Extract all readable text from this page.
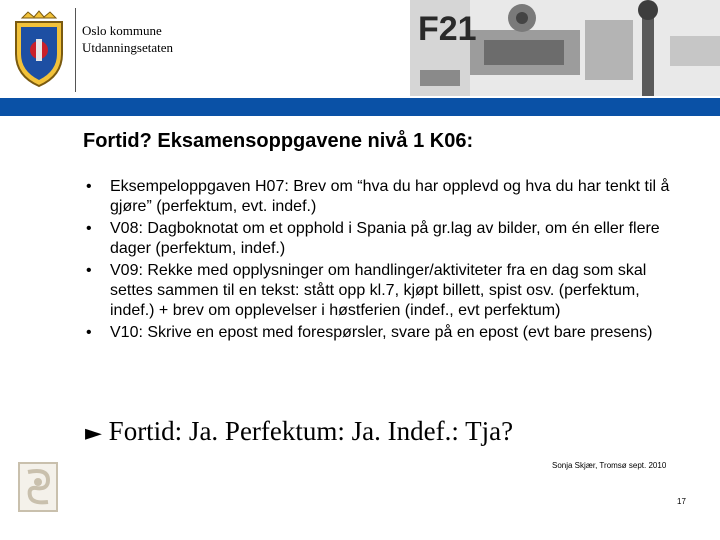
Oslo kommune
Utdanningsetaten	F21
Fortid? Eksamensoppgavene nivå 1 K06:
• Eksempeloppgaven H07: Brev om “hva du har opplevd og hva du har tenkt til å gjøre” (perfektum, evt. indef.)
• V08: Dagboknotat om et opphold i Spania på gr.lag av bilder, om én eller flere dager (perfektum, indef.)
• V09: Rekke med opplysninger om handlinger/aktiviteter fra en dag som skal settes sammen til en tekst: stått opp kl.7, kjøpt billett, spist osv. (perfektum, indef.) + brev om opplevelser i høstferien (indef., evt perfektum)
• V10: Skrive en epost med forespørsler, svare på en epost (evt bare presens)
► Fortid: Ja. Perfektum: Ja. Indef.: Tja?
Sonja Skjær, Tromsø sept. 2010
17
